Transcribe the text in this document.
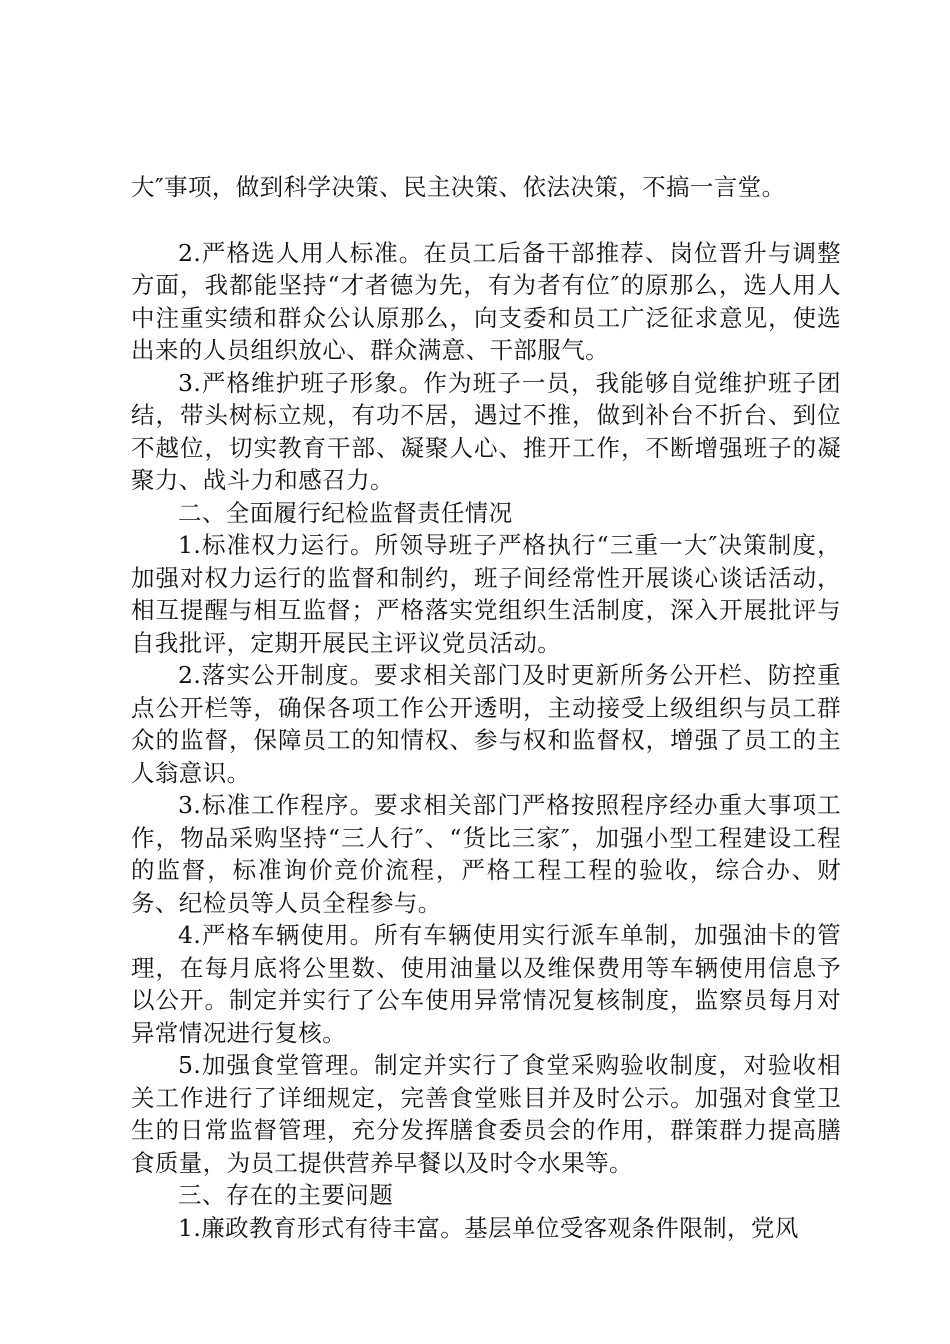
大″事项，做到科学决策、民主决策、依法决策，不搞一言堂。

2.严格选人用人标准。在员工后备干部推荐、岗位晋升与调整方面，我都能坚持“才者德为先，有为者有位″的原那么，选人用人中注重实绩和群众公认原那么，向支委和员工广泛征求意见，使选出来的人员组织放心、群众满意、干部服气。

3.严格维护班子形象。作为班子一员，我能够自觉维护班子团结，带头树标立规，有功不居，遇过不推，做到补台不折台、到位不越位，切实教育干部、凝聚人心、推开工作，不断增强班子的凝聚力、战斗力和感召力。

二、全面履行纪检监督责任情况

1.标准权力运行。所领导班子严格执行“三重一大″决策制度，加强对权力运行的监督和制约，班子间经常性开展谈心谈话活动，相互提醒与相互监督；严格落实党组织生活制度，深入开展批评与自我批评，定期开展民主评议党员活动。

2.落实公开制度。要求相关部门及时更新所务公开栏、防控重点公开栏等，确保各项工作公开透明，主动接受上级组织与员工群众的监督，保障员工的知情权、参与权和监督权，增强了员工的主人翁意识。

3.标准工作程序。要求相关部门严格按照程序经办重大事项工作，物品采购坚持“三人行″、“货比三家″，加强小型工程建设工程的监督，标准询价竞价流程，严格工程工程的验收，综合办、财务、纪检员等人员全程参与。

4.严格车辆使用。所有车辆使用实行派车单制，加强油卡的管理，在每月底将公里数、使用油量以及维保费用等车辆使用信息予以公开。制定并实行了公车使用异常情况复核制度，监察员每月对异常情况进行复核。

5.加强食堂管理。制定并实行了食堂采购验收制度，对验收相关工作进行了详细规定，完善食堂账目并及时公示。加强对食堂卫生的日常监督管理，充分发挥膳食委员会的作用，群策群力提高膳食质量，为员工提供营养早餐以及时令水果等。

三、存在的主要问题

1.廉政教育形式有待丰富。基层单位受客观条件限制，党风
